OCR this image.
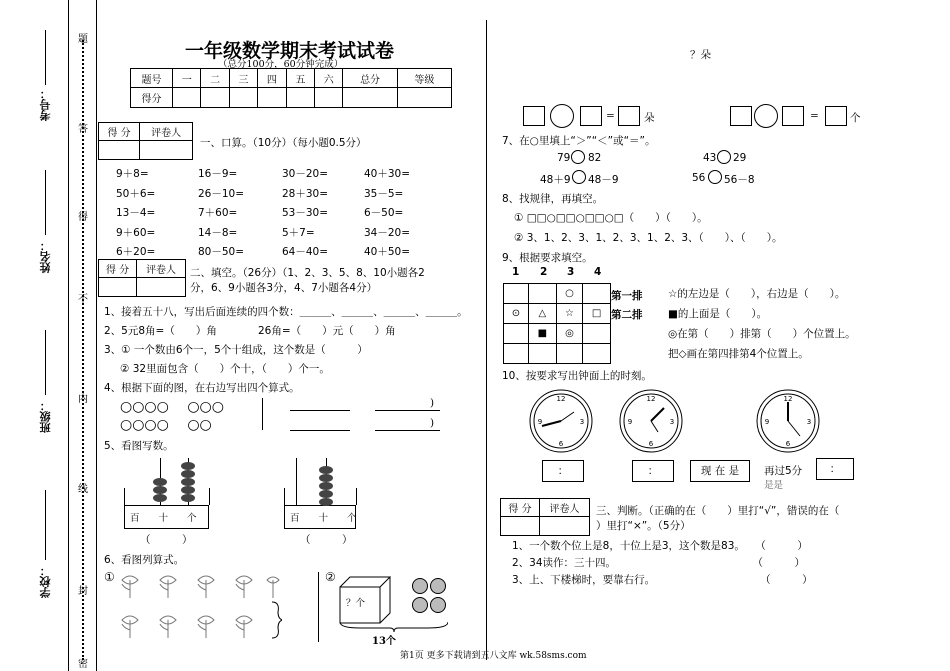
考号：
姓名：
班级：
学校：
题
答
得
不
内
线
封
密
一年级数学期末考试试卷
（总分100分，60分钟完成）
题号	一	二	三	四	五	六	总分	等级
得分								
得 分	评卷人

一、口算。（10分）（每小题0.5分）
9＋8=	16－9=	30－20=	40＋30=
50＋6=	26－10=	28＋30=	35－5=
13－4=	7＋60=	53－30=	6－50=
9＋60=	14－8=	5＋7=	34－20=
6＋20=	80－50=	64－40=	40＋50=
得 分	评卷人
	二、填空。（26分）（1、2、3、5、8、10小题各2
分，6、9小题各3分，4、7小题各4分）
1、接着五十八，写出后面连续的四个数：＿＿＿、＿＿＿、＿＿＿、＿＿＿。
2、5元8角=（　　）角	26角=（　　）元（　　）角
3、① 一个数由6个一，5个十组成，这个数是（　　　）
② 32里面包含（　　）个十，（　　）个一。
4、根据下面的图，在右边写出四个算式。
○○○○　 ○○○
○○○○　 ○○
)
)
5、看图写数。
百　　十　　个
（　　　）
百　　十　　个
（　　　）
6、看图列算式。
①	②
？个
13个
？朵
=	朵	=	个
7、在○里填上“＞”“＜”或“＝”。
79 82	43 29
48＋9 48－9	56 56－8
8、找规律，再填空。
① □□○□□○□□○□（　　）（　　）。
② 3、1、2、3、1、2、3、1、2、3、（　　）、（　　）。
9、根据要求填空。
1 2 3 4
		○	
⊙	△	☆	□
	■	◎	

第一排
第二排
☆的左边是（　　），右边是（　　）。
■的上面是（　　）。
◎在第（　　）排第（　　）个位置上。
把◇画在第四排第4个位置上。
10、按要求写出钟面上的时刻。
12
3
6
9
12
3
6
9
12
3
6
9
：	：	现 在 是	再过5分
是是
：
得 分	评卷人
	三、判断。（正确的在（　　）里打“√”，错误的在（
）里打“×”。（5分）
1、一个数个位上是8，十位上是3，这个数是83。　　（　　　）
2、34读作：三十四。　　　　　　　　　　　　　　（　　　）
3、上、下楼梯时，要靠右行。　　　　　　　　　　　（　　　）
第1页 更多下载请到五八文库 wk.58sms.com
